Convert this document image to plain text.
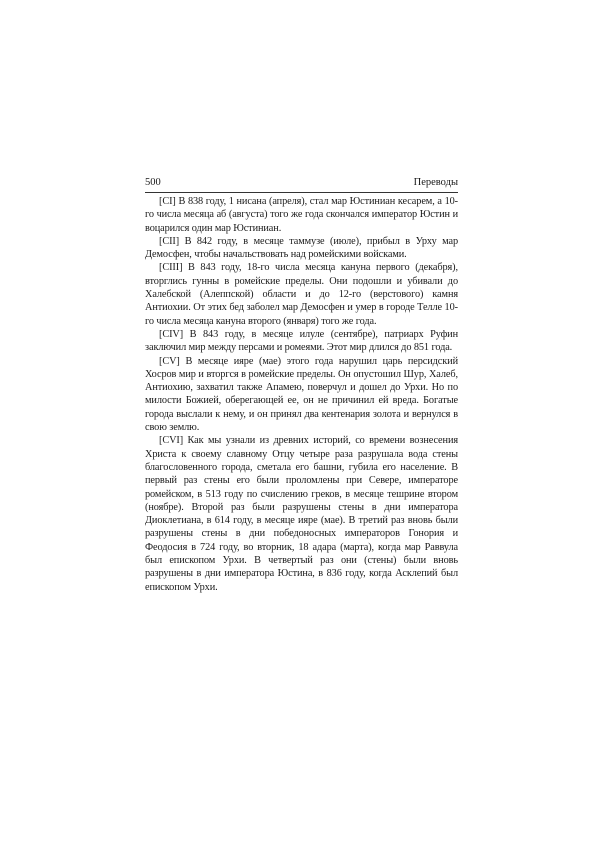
500	Переводы

[CI] В 838 году, 1 нисана (апреля), стал мар Юстиниан кесарем, а 10-го числа месяца аб (августа) того же года скончался император Юстин и воцарился один мар Юстиниан.

[CII] В 842 году, в месяце таммузе (июле), прибыл в Урху мар Демосфен, чтобы начальствовать над ромейскими войсками.

[CIII] В 843 году, 18-го числа месяца кануна первого (декабря), вторглись гунны в ромейские пределы. Они подошли и убивали до Халебской (Алеппской) области и до 12-го (верстового) камня Антиохии. От этих бед заболел мар Демосфен и умер в городе Телле 10-го числа месяца кануна второго (января) того же года.

[CIV] В 843 году, в месяце илуле (сентябре), патриарх Руфин заключил мир между персами и ромеями. Этот мир длился до 851 года.

[CV] В месяце ияре (мае) этого года нарушил царь персидский Хосров мир и вторгся в ромейские пределы. Он опустошил Шур, Халеб, Антиохию, захватил также Апамею, поверчул и дошел до Урхи. Но по милости Божией, оберегающей ее, он не причинил ей вреда. Богатые города выслали к нему, и он принял два кентенария золота и вернулся в свою землю.

[CVI] Как мы узнали из древних историй, со времени вознесения Христа к своему славному Отцу четыре раза разрушала вода стены благословенного города, сметала его башни, губила его население. В первый раз стены его были проломлены при Севере, императоре ромейском, в 513 году по счислению греков, в месяце тешрине втором (ноябре). Второй раз были разрушены стены в дни императора Диоклетиана, в 614 году, в месяце ияре (мае). В третий раз вновь были разрушены стены в дни победоносных императоров Гонория и Феодосия в 724 году, во вторник, 18 адара (марта), когда мар Раввула был епископом Урхи. В четвертый раз они (стены) были вновь разрушены в дни императора Юстина, в 836 году, когда Асклепий был епископом Урхи.
